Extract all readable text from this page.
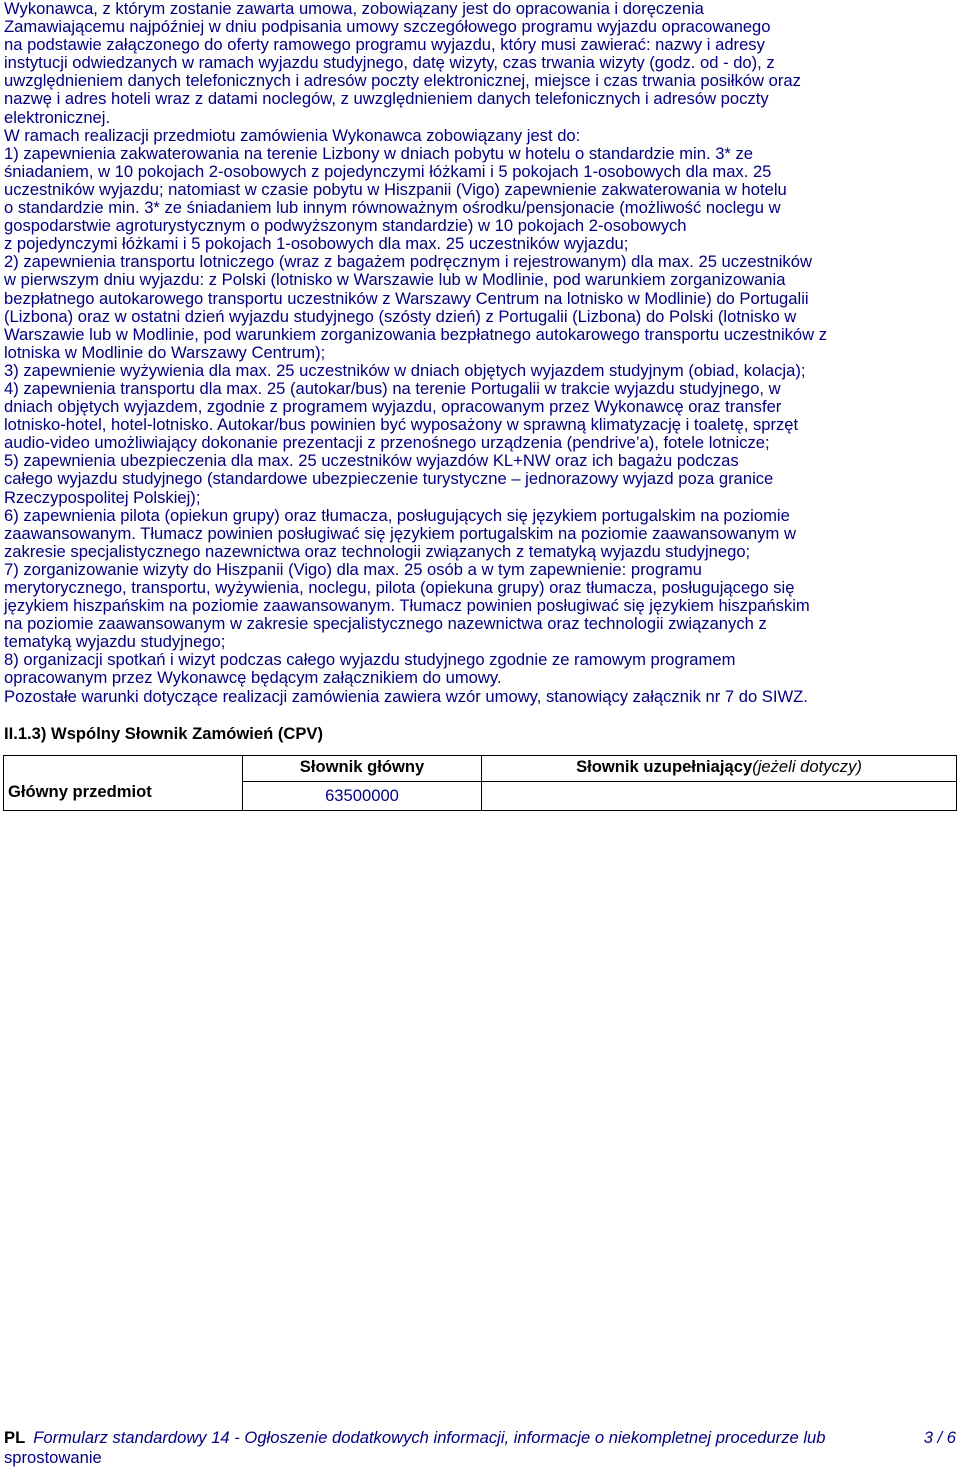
Wykonawca, z którym zostanie zawarta umowa, zobowiązany jest do opracowania i doręczenia
Zamawiającemu najpóźniej w dniu podpisania umowy szczegółowego programu wyjazdu opracowanego
na podstawie załączonego do oferty ramowego programu wyjazdu, który musi zawierać: nazwy i adresy
instytucji odwiedzanych w ramach wyjazdu studyjnego, datę wizyty, czas trwania wizyty (godz. od - do), z
uwzględnieniem danych telefonicznych i adresów poczty elektronicznej, miejsce i czas trwania posiłków oraz
nazwę i adres hoteli wraz z datami noclegów, z uwzględnieniem danych telefonicznych i adresów poczty
elektronicznej.
W ramach realizacji przedmiotu zamówienia Wykonawca zobowiązany jest do:
1) zapewnienia zakwaterowania na terenie Lizbony w dniach pobytu w hotelu o standardzie min. 3* ze
śniadaniem, w 10 pokojach 2-osobowych z pojedynczymi łóżkami i 5 pokojach 1-osobowych dla max. 25
uczestników wyjazdu; natomiast w czasie pobytu w Hiszpanii (Vigo) zapewnienie zakwaterowania w hotelu
o standardzie min. 3* ze śniadaniem lub innym równoważnym ośrodku/pensjonacie (możliwość noclegu w
gospodarstwie agroturystycznym o podwyższonym standardzie) w 10 pokojach 2-osobowych
z pojedynczymi łóżkami i 5 pokojach 1-osobowych dla max. 25 uczestników wyjazdu;
2) zapewnienia transportu lotniczego (wraz z bagażem podręcznym i rejestrowanym) dla max. 25 uczestników
w pierwszym dniu wyjazdu: z Polski (lotnisko w Warszawie lub w Modlinie, pod warunkiem zorganizowania
bezpłatnego autokarowego transportu uczestników z Warszawy Centrum na lotnisko w Modlinie) do Portugalii
(Lizbona) oraz w ostatni dzień wyjazdu studyjnego (szósty dzień) z Portugalii (Lizbona) do Polski (lotnisko w
Warszawie lub w Modlinie, pod warunkiem zorganizowania bezpłatnego autokarowego transportu uczestników z
lotniska w Modlinie do Warszawy Centrum);
3) zapewnienie wyżywienia dla max. 25 uczestników w dniach objętych wyjazdem studyjnym (obiad, kolacja);
4) zapewnienia transportu dla max. 25 (autokar/bus) na terenie Portugalii w trakcie wyjazdu studyjnego, w
dniach objętych wyjazdem, zgodnie z programem wyjazdu, opracowanym przez Wykonawcę oraz transfer
lotnisko-hotel, hotel-lotnisko. Autokar/bus powinien być wyposażony w sprawną klimatyzację i toaletę, sprzęt
audio-video umożliwiający dokonanie prezentacji z przenośnego urządzenia (pendrive’a), fotele lotnicze;
5) zapewnienia ubezpieczenia dla max. 25 uczestników wyjazdów KL+NW oraz ich bagażu podczas
całego wyjazdu studyjnego (standardowe ubezpieczenie turystyczne – jednorazowy wyjazd poza granice
Rzeczypospolitej Polskiej);
6) zapewnienia pilota (opiekun grupy) oraz tłumacza, posługujących się językiem portugalskim na poziomie
zaawansowanym. Tłumacz powinien posługiwać się językiem portugalskim na poziomie zaawansowanym w
zakresie specjalistycznego nazewnictwa oraz technologii związanych z tematyką wyjazdu studyjnego;
7) zorganizowanie wizyty do Hiszpanii (Vigo) dla max. 25 osób a w tym zapewnienie: programu
merytorycznego, transportu, wyżywienia, noclegu, pilota (opiekuna grupy) oraz tłumacza, posługującego się
językiem hiszpańskim na poziomie zaawansowanym. Tłumacz powinien posługiwać się językiem hiszpańskim
na poziomie zaawansowanym w zakresie specjalistycznego nazewnictwa oraz technologii związanych z
tematyką wyjazdu studyjnego;
8) organizacji spotkań i wizyt podczas całego wyjazdu studyjnego zgodnie ze ramowym programem
opracowanym przez Wykonawcę będącym załącznikiem do umowy.
Pozostałe warunki dotyczące realizacji zamówienia zawiera wzór umowy, stanowiący załącznik nr 7 do SIWZ.
II.1.3) Wspólny Słownik Zamówień (CPV)
	Słownik główny	Słownik uzupełniający(jeżeli dotyczy)
Główny przedmiot	63500000	
PL Formularz standardowy 14 - Ogłoszenie dodatkowych informacji, informacje o niekompletnej procedurze lub
sprostowanie
3 / 6
